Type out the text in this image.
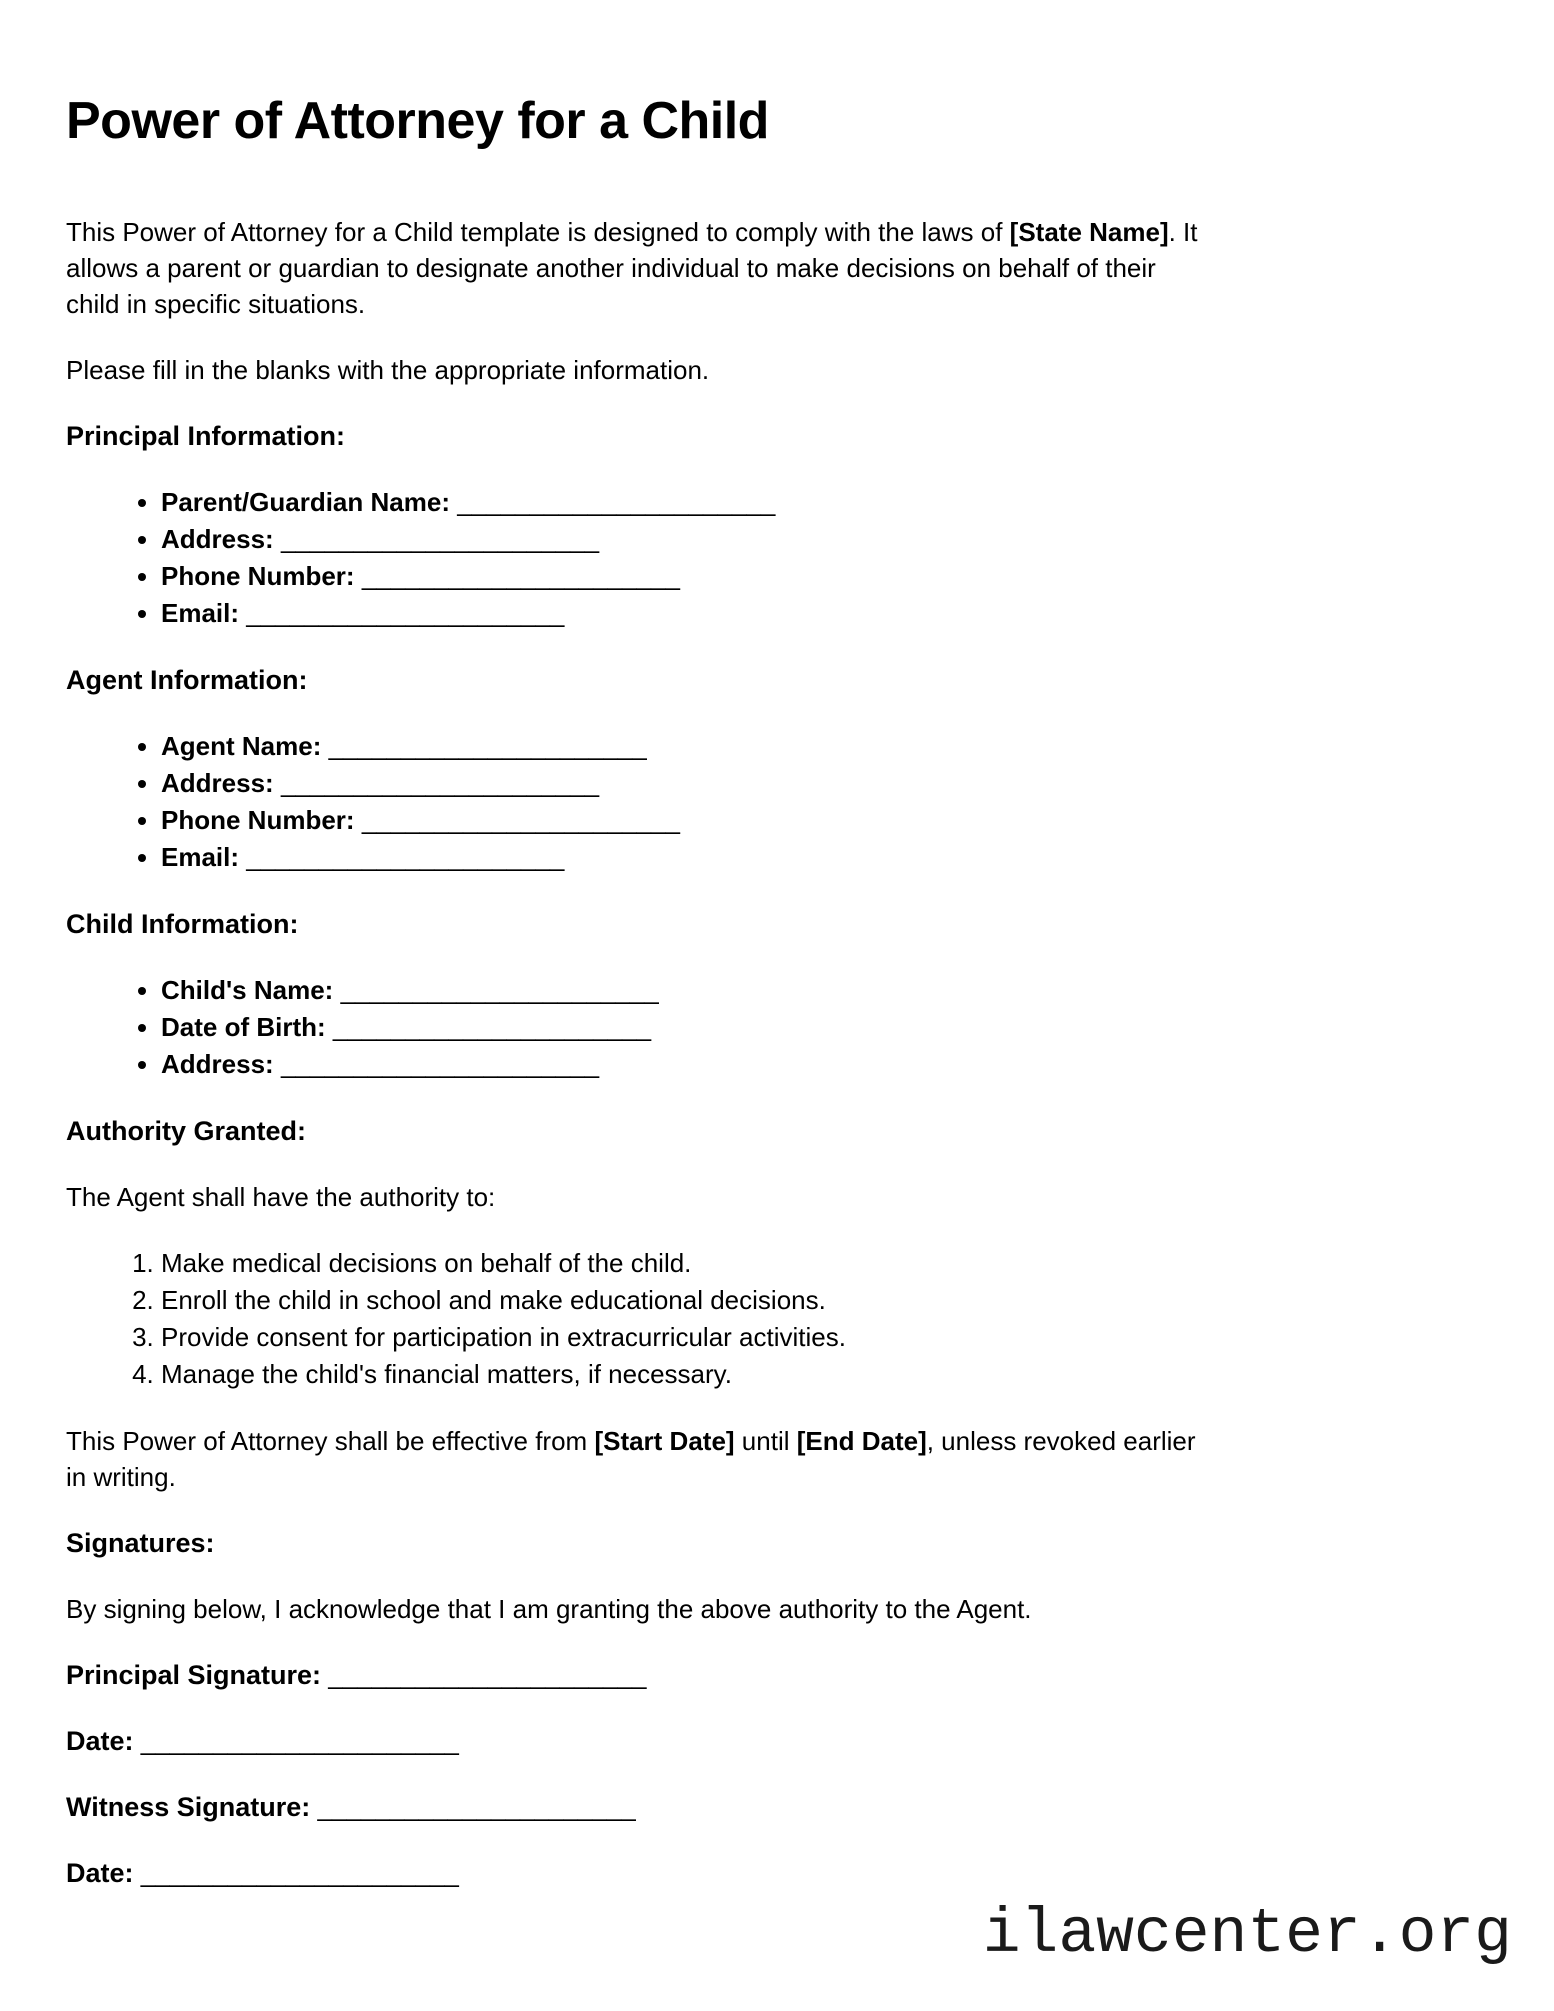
Power of Attorney for a Child

This Power of Attorney for a Child template is designed to comply with the laws of [State Name]. It allows a parent or guardian to designate another individual to make decisions on behalf of their child in specific situations.

Please fill in the blanks with the appropriate information.

Principal Information:

• Parent/Guardian Name: ______________________
• Address: ______________________
• Phone Number: ______________________
• Email: ______________________

Agent Information:

• Agent Name: ______________________
• Address: ______________________
• Phone Number: ______________________
• Email: ______________________

Child Information:

• Child's Name: ______________________
• Date of Birth: ______________________
• Address: ______________________

Authority Granted:

The Agent shall have the authority to:

1. Make medical decisions on behalf of the child.
2. Enroll the child in school and make educational decisions.
3. Provide consent for participation in extracurricular activities.
4. Manage the child's financial matters, if necessary.

This Power of Attorney shall be effective from [Start Date] until [End Date], unless revoked earlier in writing.

Signatures:

By signing below, I acknowledge that I am granting the above authority to the Agent.

Principal Signature: ______________________

Date: ______________________

Witness Signature: ______________________

Date: ______________________

ilawcenter.org
